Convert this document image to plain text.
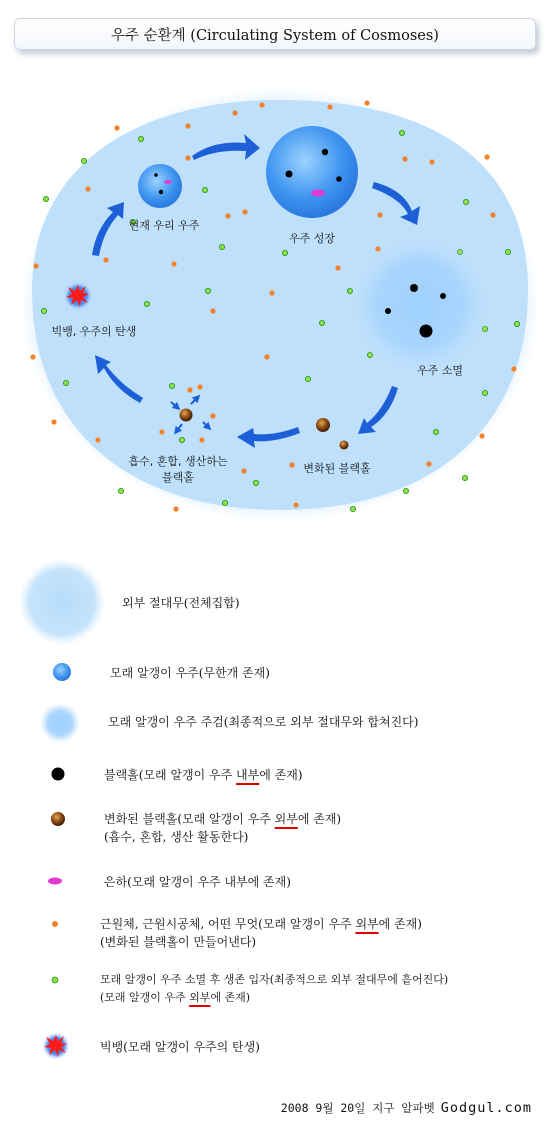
우주 순환계 (Circulating System of Cosmoses)
현재 우리 우주
우주 성장
우주 소멸
변화된 블랙홀
흡수, 혼합, 생산하는
블랙홀
빅뱅, 우주의 탄생
외부 절대무(전체집합)
모래 알갱이 우주(무한개 존재)
모래 알갱이 우주 주검(최종적으로 외부 절대무와 합쳐진다)
블랙홀(모래 알갱이 우주 내부에 존재)
변화된 블랙홀(모래 알갱이 우주 외부에 존재)
(흡수, 혼합, 생산 활동한다)
은하(모래 알갱이 우주 내부에 존재)
근원체, 근원시공체, 어떤 무엇(모래 알갱이 우주 외부에 존재)
(변화된 블랙홀이 만들어낸다)
모래 알갱이 우주 소멸 후 생존 입자(최종적으로 외부 절대무에 흩어진다)
(모래 알갱이 우주 외부에 존재)
빅뱅(모래 알갱이 우주의 탄생)
2008 9월 20일 지구 알파벳 Godgul.com
